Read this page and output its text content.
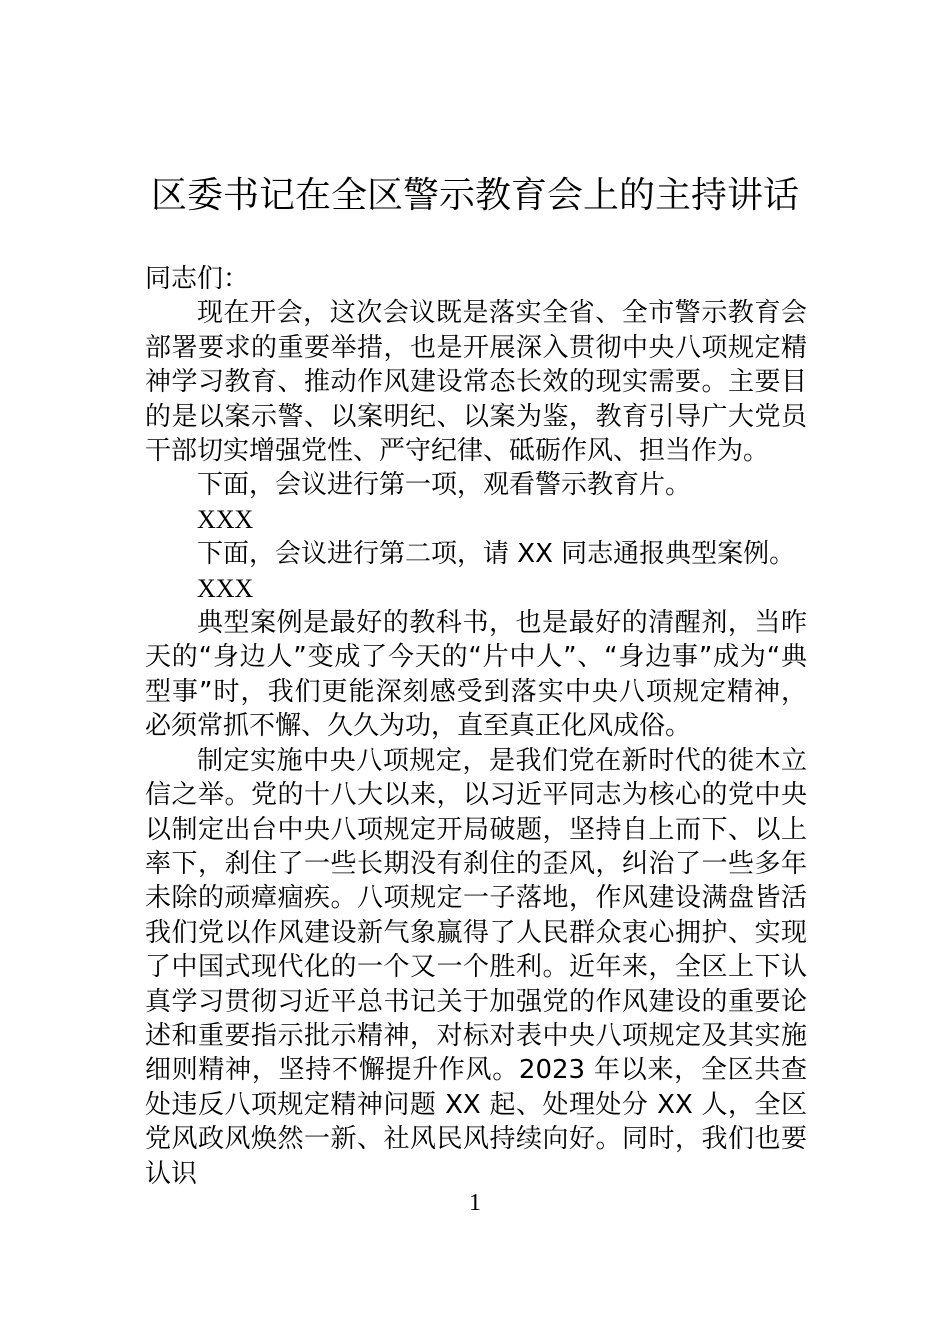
区委书记在全区警示教育会上的主持讲话

同志们：

现在开会，这次会议既是落实全省、全市警示教育会部署要求的重要举措，也是开展深入贯彻中央八项规定精神学习教育、推动作风建设常态长效的现实需要。主要目的是以案示警、以案明纪、以案为鉴，教育引导广大党员干部切实增强党性、严守纪律、砥砺作风、担当作为。

下面，会议进行第一项，观看警示教育片。

XXX

下面，会议进行第二项，请 XX 同志通报典型案例。

XXX

典型案例是最好的教科书，也是最好的清醒剂，当昨天的“身边人”变成了今天的“片中人”、“身边事”成为“典型事”时，我们更能深刻感受到落实中央八项规定精神，必须常抓不懈、久久为功，直至真正化风成俗。

制定实施中央八项规定，是我们党在新时代的徙木立信之举。党的十八大以来，以习近平同志为核心的党中央以制定出台中央八项规定开局破题，坚持自上而下、以上率下，刹住了一些长期没有刹住的歪风，纠治了一些多年未除的顽瘴痼疾。八项规定一子落地，作风建设满盘皆活我们党以作风建设新气象赢得了人民群众衷心拥护、实现了中国式现代化的一个又一个胜利。近年来，全区上下认真学习贯彻习近平总书记关于加强党的作风建设的重要论述和重要指示批示精神，对标对表中央八项规定及其实施细则精神，坚持不懈提升作风。2023 年以来，全区共查处违反八项规定精神问题 XX 起、处理处分 XX 人，全区党风政风焕然一新、社风民风持续向好。同时，我们也要认识

1
